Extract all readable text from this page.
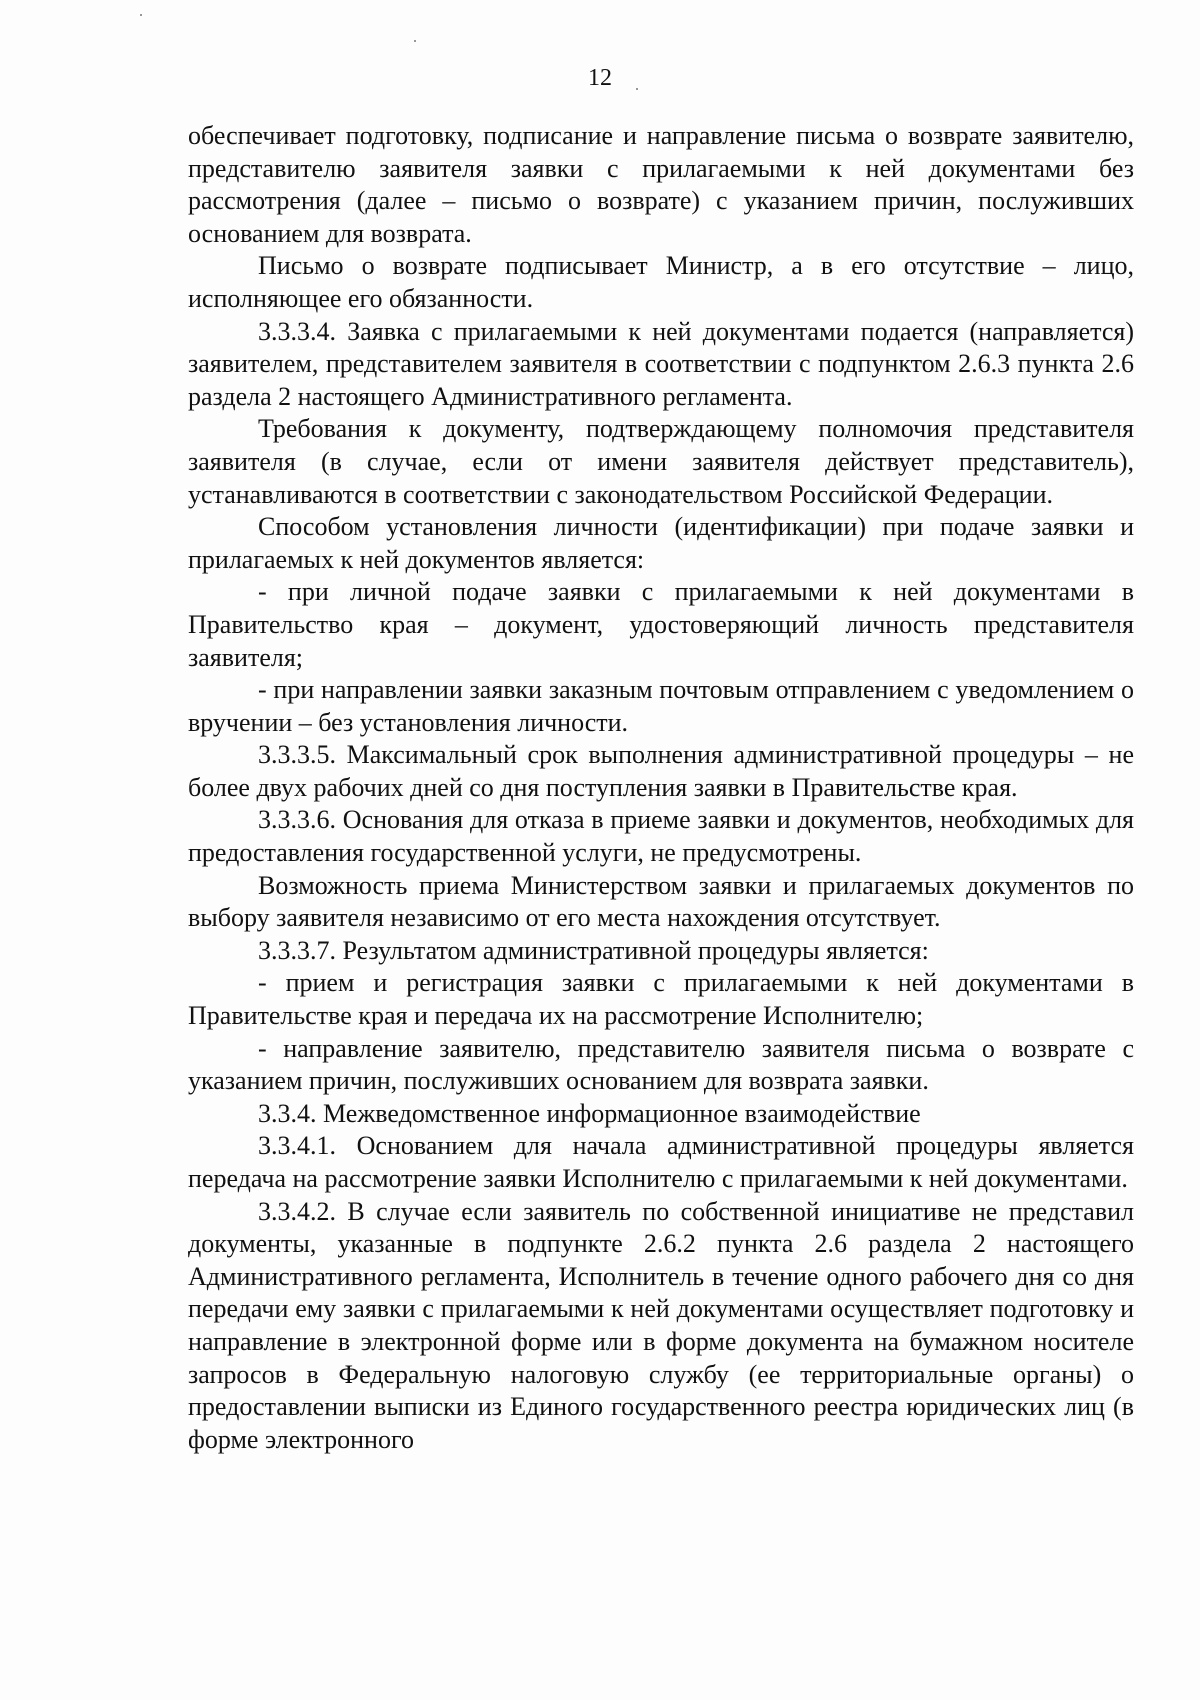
12

обеспечивает подготовку, подписание и направление письма о возврате заявителю, представителю заявителя заявки с прилагаемыми к ней документами без рассмотрения (далее – письмо о возврате) с указанием причин, послуживших основанием для возврата.

Письмо о возврате подписывает Министр, а в его отсутствие – лицо, исполняющее его обязанности.

3.3.3.4. Заявка с прилагаемыми к ней документами подается (направляется) заявителем, представителем заявителя в соответствии с подпунктом 2.6.3 пункта 2.6 раздела 2 настоящего Административного регламента.

Требования к документу, подтверждающему полномочия представителя заявителя (в случае, если от имени заявителя действует представитель), устанавливаются в соответствии с законодательством Российской Федерации.

Способом установления личности (идентификации) при подаче заявки и прилагаемых к ней документов является:

- при личной подаче заявки с прилагаемыми к ней документами в Правительство края – документ, удостоверяющий личность представителя заявителя;

- при направлении заявки заказным почтовым отправлением с уведомлением о вручении – без установления личности.

3.3.3.5. Максимальный срок выполнения административной процедуры – не более двух рабочих дней со дня поступления заявки в Правительстве края.

3.3.3.6. Основания для отказа в приеме заявки и документов, необходимых для предоставления государственной услуги, не предусмотрены.

Возможность приема Министерством заявки и прилагаемых документов по выбору заявителя независимо от его места нахождения отсутствует.

3.3.3.7. Результатом административной процедуры является:

- прием и регистрация заявки с прилагаемыми к ней документами в Правительстве края и передача их на рассмотрение Исполнителю;

- направление заявителю, представителю заявителя письма о возврате с указанием причин, послуживших основанием для возврата заявки.

3.3.4. Межведомственное информационное взаимодействие

3.3.4.1. Основанием для начала административной процедуры является передача на рассмотрение заявки Исполнителю с прилагаемыми к ней документами.

3.3.4.2. В случае если заявитель по собственной инициативе не представил документы, указанные в подпункте 2.6.2 пункта 2.6 раздела 2 настоящего Административного регламента, Исполнитель в течение одного рабочего дня со дня передачи ему заявки с прилагаемыми к ней документами осуществляет подготовку и направление в электронной форме или в форме документа на бумажном носителе запросов в Федеральную налоговую службу (ее территориальные органы) о предоставлении выписки из Единого государственного реестра юридических лиц (в форме электронного
